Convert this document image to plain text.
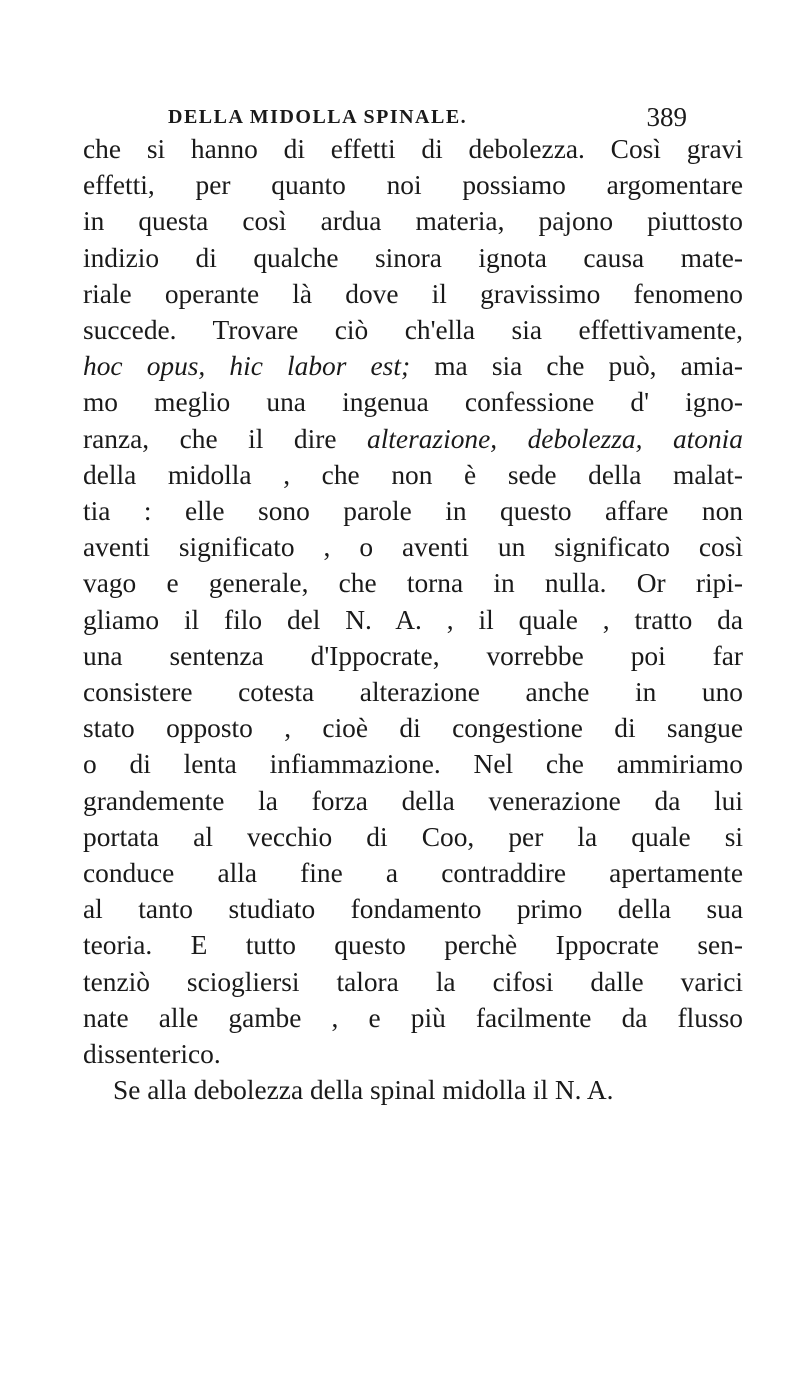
DELLA MIDOLLA SPINALE.	389
che si hanno di effetti di debolezza. Così gravi
effetti, per quanto noi possiamo argomentare
in questa così ardua materia, pajono piuttosto
indizio di qualche sinora ignota causa mate-
riale operante là dove il gravissimo fenomeno
succede. Trovare ciò ch'ella sia effettivamente,
hoc opus, hic labor est; ma sia che può, amia-
mo meglio una ingenua confessione d' igno-
ranza, che il dire alterazione, debolezza, atonia
della midolla , che non è sede della malat-
tia : elle sono parole in questo affare non
aventi significato , o aventi un significato così
vago e generale, che torna in nulla. Or ripi-
gliamo il filo del N. A. , il quale , tratto da
una sentenza d'Ippocrate, vorrebbe poi far
consistere cotesta alterazione anche in uno
stato opposto , cioè di congestione di sangue
o di lenta infiammazione. Nel che ammiriamo
grandemente la forza della venerazione da lui
portata al vecchio di Coo, per la quale si
conduce alla fine a contraddire apertamente
al tanto studiato fondamento primo della sua
teoria. E tutto questo perchè Ippocrate sen-
tenziò sciogliersi talora la cifosi dalle varici
nate alle gambe , e più facilmente da flusso
dissenterico.
Se alla debolezza della spinal midolla il N. A.
